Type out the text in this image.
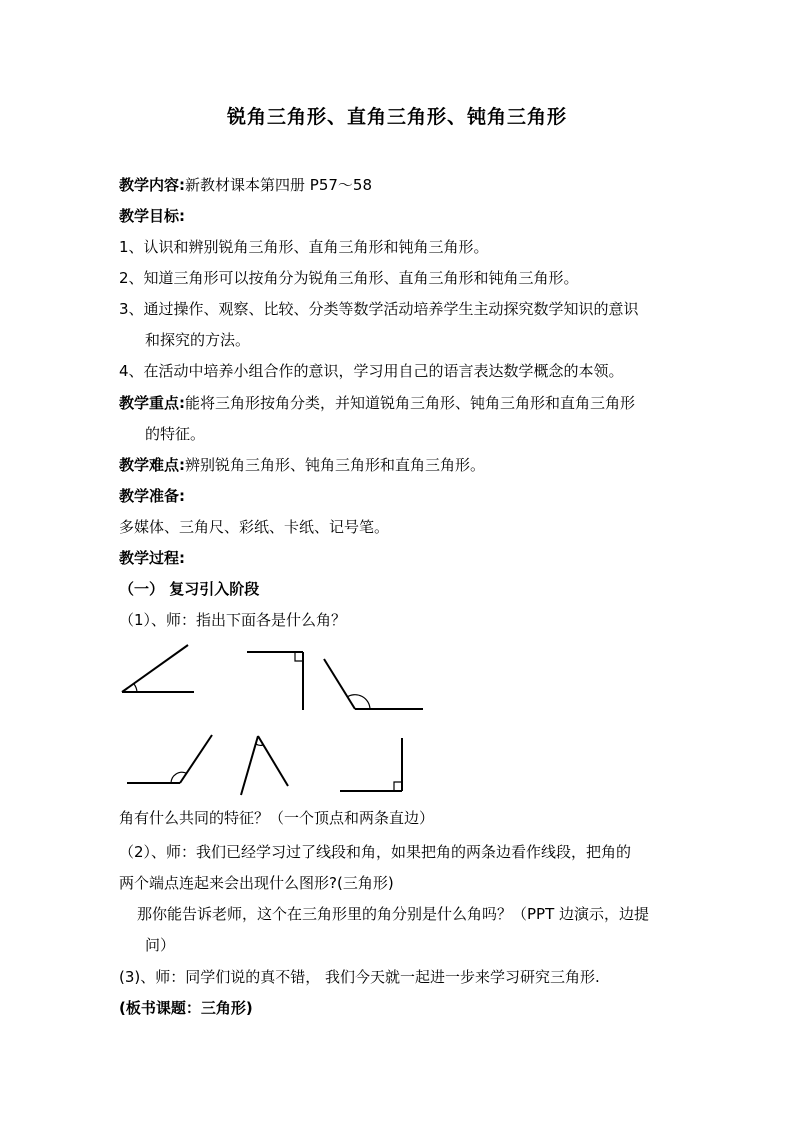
锐角三角形、直角三角形、钝角三角形
教学内容:新教材课本第四册 P57～58
教学目标:
1、认识和辨别锐角三角形、直角三角形和钝角三角形。
2、知道三角形可以按角分为锐角三角形、直角三角形和钝角三角形。
3、通过操作、观察、比较、分类等数学活动培养学生主动探究数学知识的意识
和探究的方法。
4、在活动中培养小组合作的意识，学习用自己的语言表达数学概念的本领。
教学重点:能将三角形按角分类，并知道锐角三角形、钝角三角形和直角三角形
的特征。
教学难点:辨别锐角三角形、钝角三角形和直角三角形。
教学准备:
多媒体、三角尺、彩纸、卡纸、记号笔。
教学过程:
（一） 复习引入阶段
（1）、师：指出下面各是什么角？
角有什么共同的特征？（一个顶点和两条直边）
（2）、师：我们已经学习过了线段和角，如果把角的两条边看作线段，把角的
两个端点连起来会出现什么图形?(三角形)
那你能告诉老师，这个在三角形里的角分别是什么角吗？（PPT 边演示，边提
问）
(3)、师：同学们说的真不错， 我们今天就一起进一步来学习研究三角形.
(板书课题：三角形)
